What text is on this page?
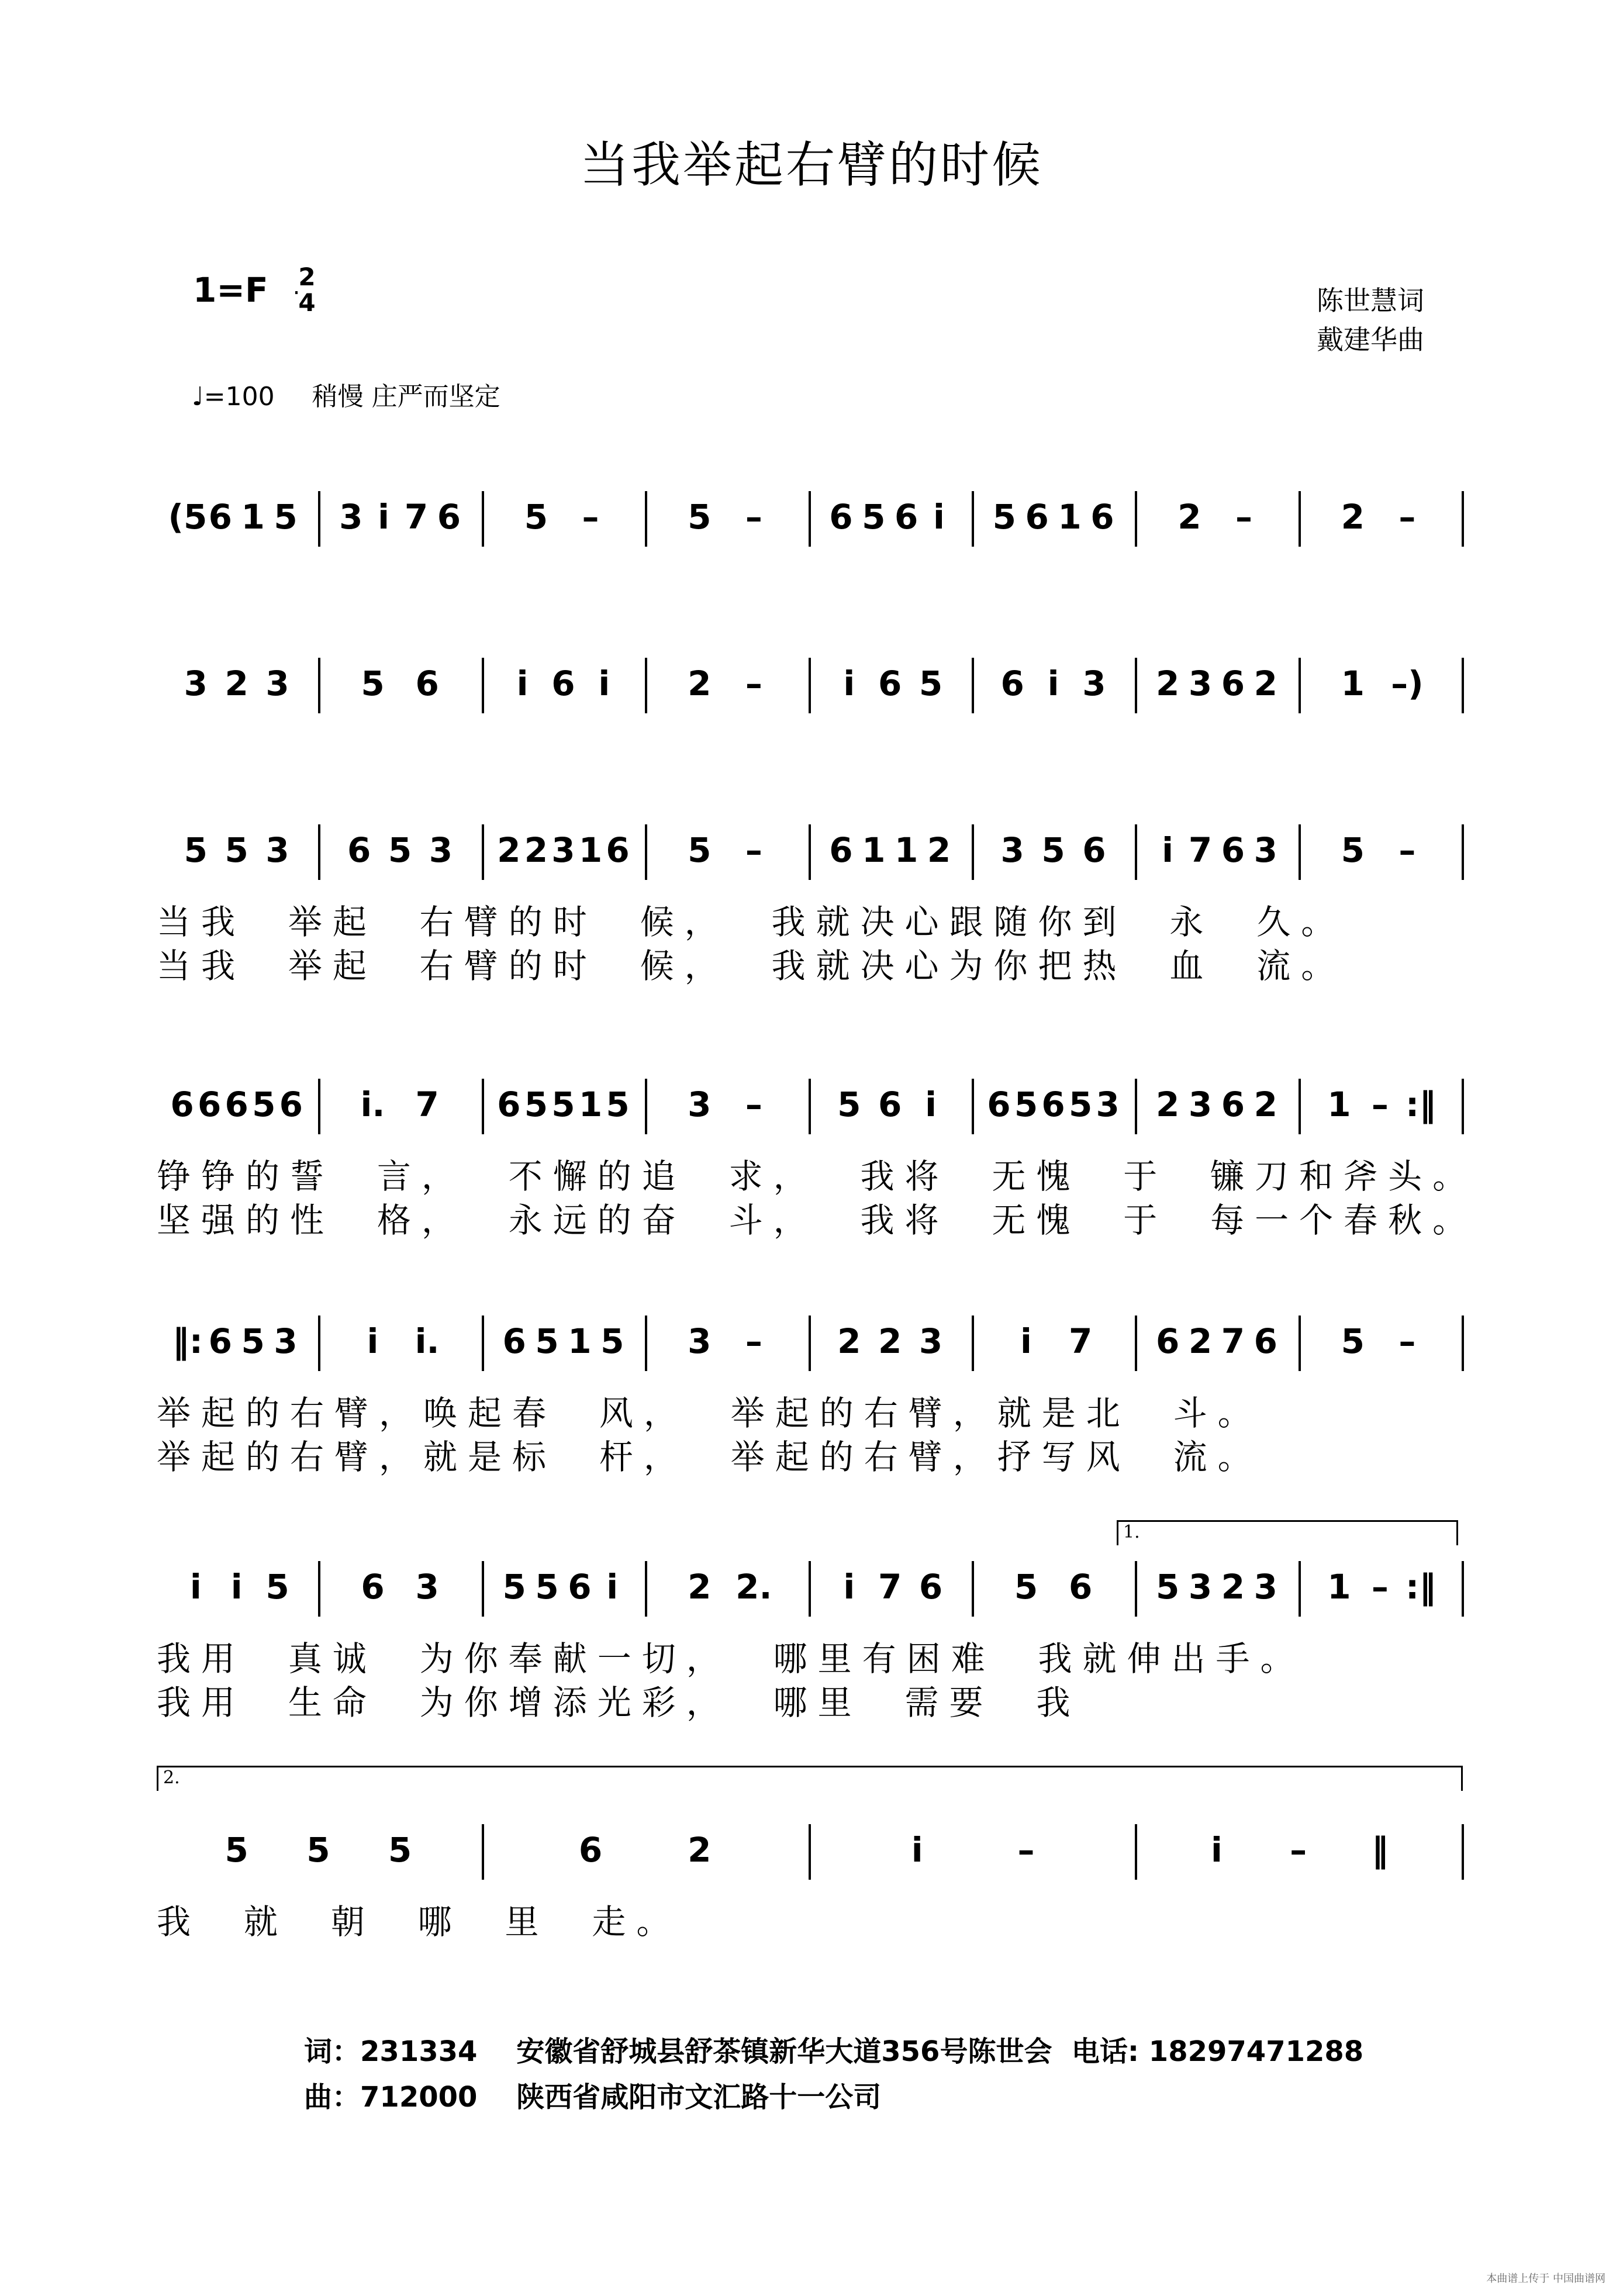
当我举起右臂的时候
1=F 2
4	陈世慧词
戴建华曲
♩=100 稍慢 庄严而坚定
(5 6 1 5 3 i 7 6 5 –	5 – 6 5 6 i 5 6 1 6 2 –	2 –
3 2 3 5 6 i 6 i 2 – i 6 5 6 i 3 2 3 6 2 1 –)
5 5 3 6 5 3 2 2 3 1 6 5 – 6 1 1 2 3 5 6 i 7 6 3 5 –
当我  举起  右臂的时  候，  我就决心跟随你到  永  久。
当我  举起  右臂的时  候，  我就决心为你把热  血  流。
6 6 6 5 6 i. 7 6 5 5 1 5 3 – 5 6 i 6 5 6 5 3 2 3 6 2 1 – :‖
铮铮的誓  言，  不懈的追  求，  我将  无愧  于  镰刀和斧头。
坚强的性  格，  永远的奋  斗，  我将  无愧  于  每一个春秋。
‖: 6 5 3 i i. 6 5 1 5 3 – 2 2 3 i 7 6 2 7 6 5 –
举起的右臂，唤起春  风，  举起的右臂，就是北  斗。
举起的右臂，就是标  杆，  举起的右臂，抒写风  流。
1.
i i 5 6 3 5 5 6 i 2 2. i 7 6 5 6 5 3 2 3 1 – :‖
我用  真诚  为你奉献一切，  哪里有困难  我就伸出手。
我用  生命  为你增添光彩，  哪里  需要  我
2.
5 5 5	6	2	i	–	i – ‖
我  就  朝  哪  里  走。
词：231334 安徽省舒城县舒茶镇新华大道356号陈世会 电话: 18297471288
曲：712000 陕西省咸阳市文汇路十一公司
本曲谱上传于 中国曲谱网
